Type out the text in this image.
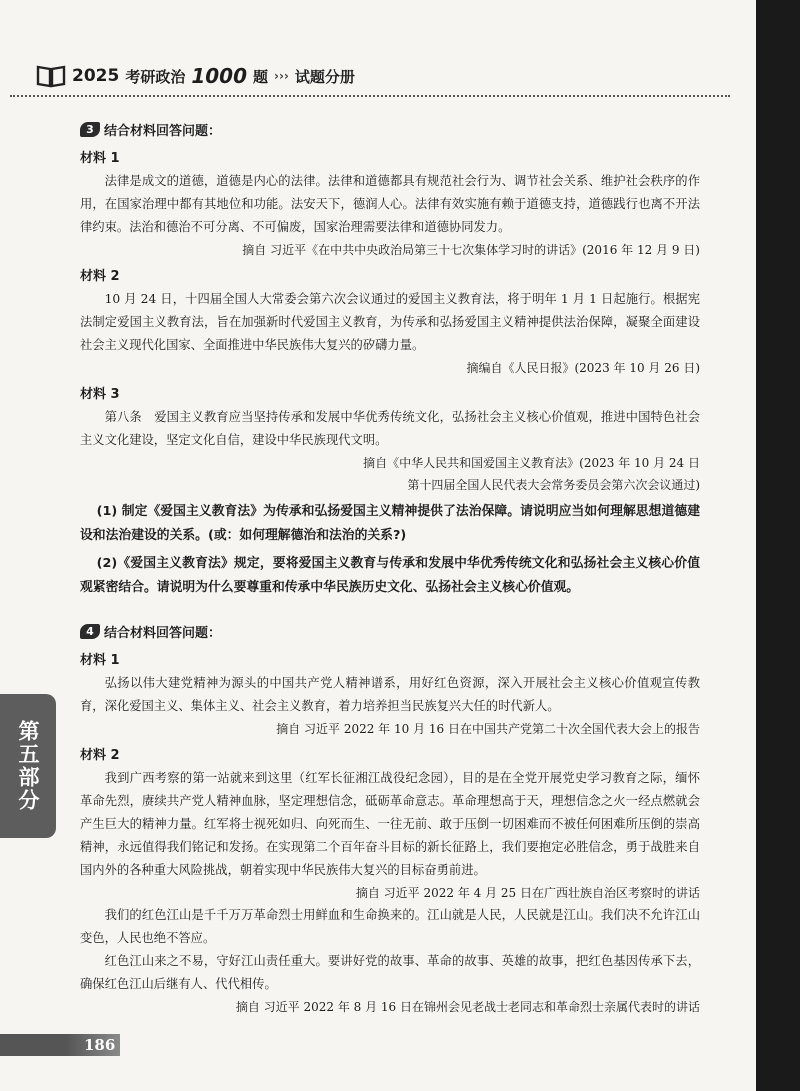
2025 考研政治 1000 题 ››› 试题分册
3 结合材料回答问题：
材料 1

法律是成文的道德，道德是内心的法律。法律和道德都具有规范社会行为、调节社会关系、维护社会秩序的作用，在国家治理中都有其地位和功能。法安天下，德润人心。法律有效实施有赖于道德支持，道德践行也离不开法律约束。法治和德治不可分离、不可偏废，国家治理需要法律和道德协同发力。

摘自 习近平《在中共中央政治局第三十七次集体学习时的讲话》(2016 年 12 月 9 日)

材料 2

10 月 24 日，十四届全国人大常委会第六次会议通过的爱国主义教育法，将于明年 1 月 1 日起施行。根据宪法制定爱国主义教育法，旨在加强新时代爱国主义教育，为传承和弘扬爱国主义精神提供法治保障，凝聚全面建设社会主义现代化国家、全面推进中华民族伟大复兴的矽礴力量。

摘编自《人民日报》(2023 年 10 月 26 日)

材料 3

第八条　爱国主义教育应当坚持传承和发展中华优秀传统文化，弘扬社会主义核心价值观，推进中国特色社会主义文化建设，坚定文化自信，建设中华民族现代文明。

摘自《中华人民共和国爱国主义教育法》(2023 年 10 月 24 日

第十四届全国人民代表大会常务委员会第六次会议通过)

(1) 制定《爱国主义教育法》为传承和弘扬爱国主义精神提供了法治保障。请说明应当如何理解思想道德建设和法治建设的关系。(或：如何理解德治和法治的关系?)

(2)《爱国主义教育法》规定，要将爱国主义教育与传承和发展中华优秀传统文化和弘扬社会主义核心价值观紧密结合。请说明为什么要尊重和传承中华民族历史文化、弘扬社会主义核心价值观。

4 结合材料回答问题：
材料 1

弘扬以伟大建党精神为源头的中国共产党人精神谱系，用好红色资源，深入开展社会主义核心价值观宣传教育，深化爱国主义、集体主义、社会主义教育，着力培养担当民族复兴大任的时代新人。

摘自 习近平 2022 年 10 月 16 日在中国共产党第二十次全国代表大会上的报告

材料 2

我到广西考察的第一站就来到这里（红军长征湘江战役纪念园），目的是在全党开展党史学习教育之际，缅怀革命先烈，赓续共产党人精神血脉，坚定理想信念，砥砺革命意志。革命理想高于天，理想信念之火一经点燃就会产生巨大的精神力量。红军将士视死如归、向死而生、一往无前、敢于压倒一切困难而不被任何困难所压倒的崇高精神，永远值得我们铭记和发扬。在实现第二个百年奋斗目标的新长征路上，我们要抱定必胜信念，勇于战胜来自国内外的各种重大风险挑战，朝着实现中华民族伟大复兴的目标奋勇前进。

摘自 习近平 2022 年 4 月 25 日在广西壮族自治区考察时的讲话

我们的红色江山是千千万万革命烈士用鲜血和生命换来的。江山就是人民，人民就是江山。我们决不允许江山变色，人民也绝不答应。

红色江山来之不易，守好江山责任重大。要讲好党的故事、革命的故事、英雄的故事，把红色基因传承下去，确保红色江山后继有人、代代相传。

摘自 习近平 2022 年 8 月 16 日在锦州会见老战士老同志和革命烈士亲属代表时的讲话

第五部分
186
